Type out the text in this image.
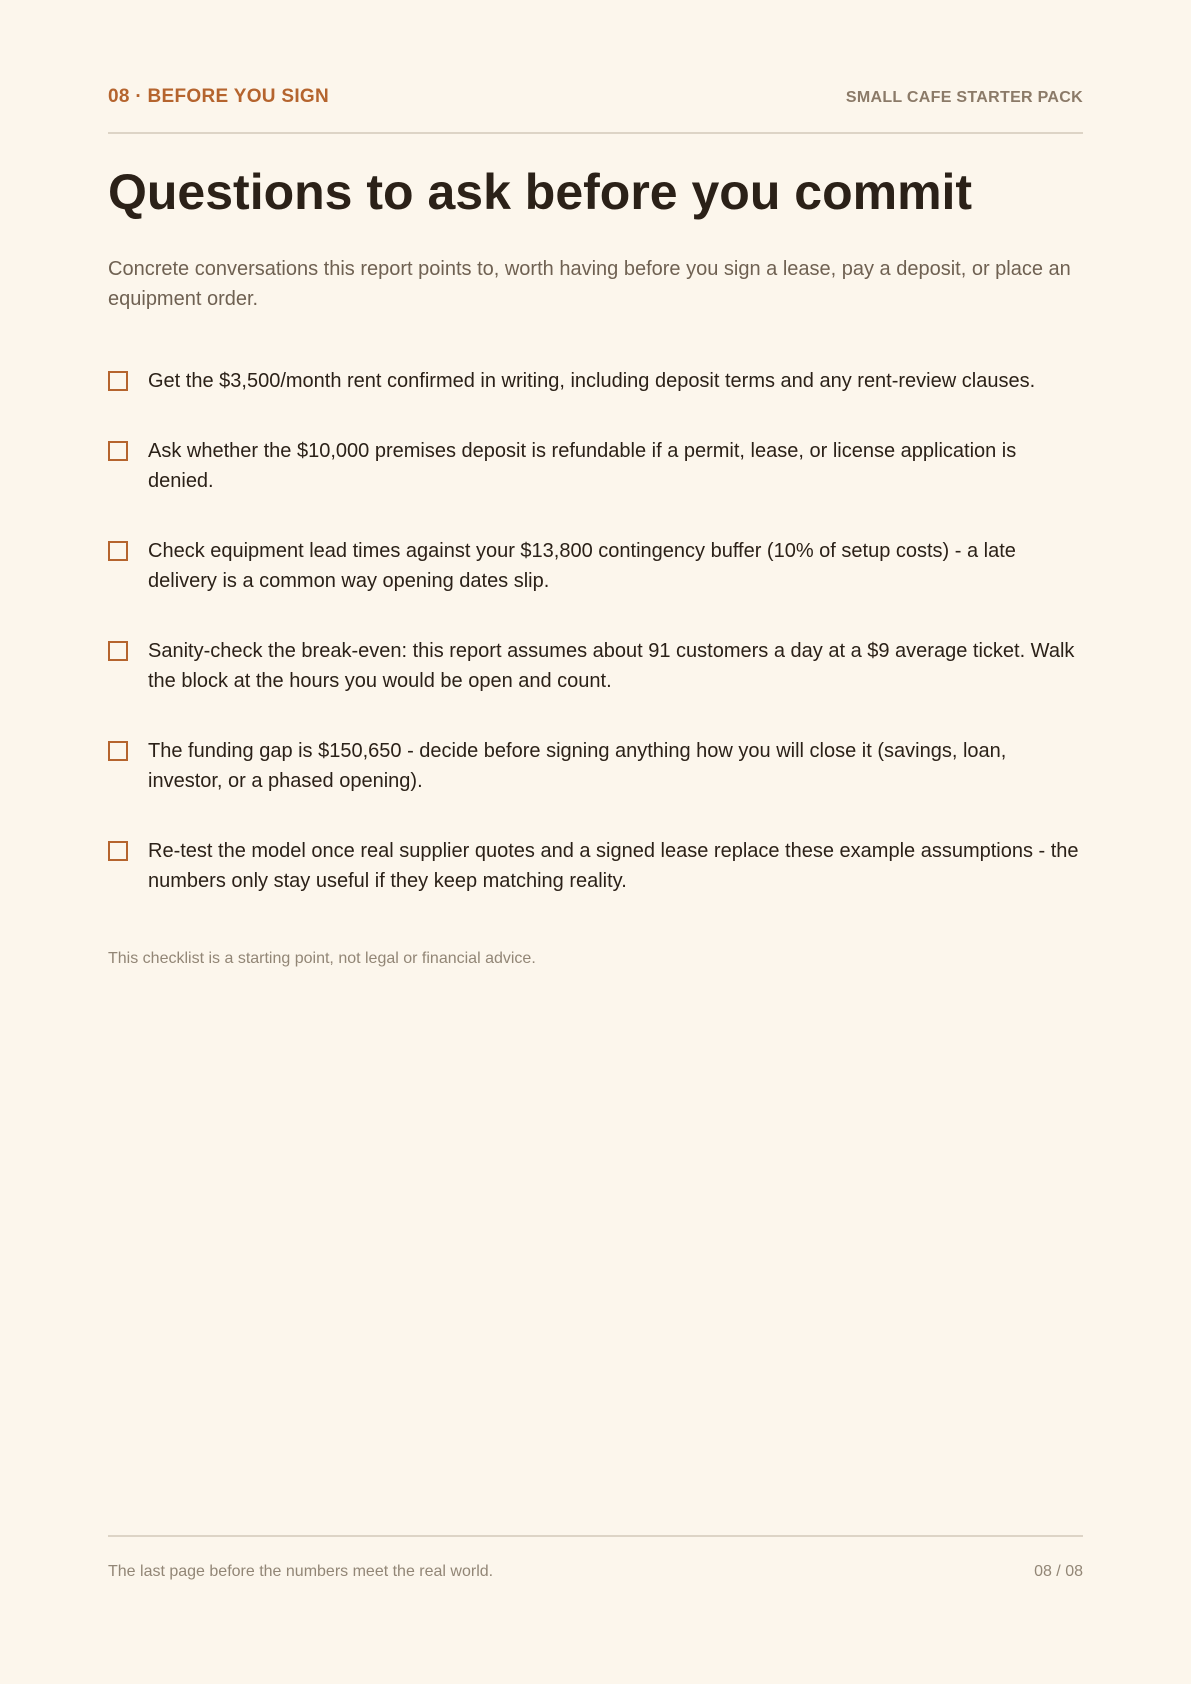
08 · BEFORE YOU SIGN	SMALL CAFE STARTER PACK
Questions to ask before you commit

Concrete conversations this report points to, worth having before you sign a lease, pay a deposit, or place an equipment order.

Get the $3,500/month rent confirmed in writing, including deposit terms and any rent-review clauses.
Ask whether the $10,000 premises deposit is refundable if a permit, lease, or license application is denied.
Check equipment lead times against your $13,800 contingency buffer (10% of setup costs) - a late delivery is a common way opening dates slip.
Sanity-check the break-even: this report assumes about 91 customers a day at a $9 average ticket. Walk the block at the hours you would be open and count.
The funding gap is $150,650 - decide before signing anything how you will close it (savings, loan, investor, or a phased opening).
Re-test the model once real supplier quotes and a signed lease replace these example assumptions - the numbers only stay useful if they keep matching reality.

This checklist is a starting point, not legal or financial advice.

The last page before the numbers meet the real world.	08 / 08
